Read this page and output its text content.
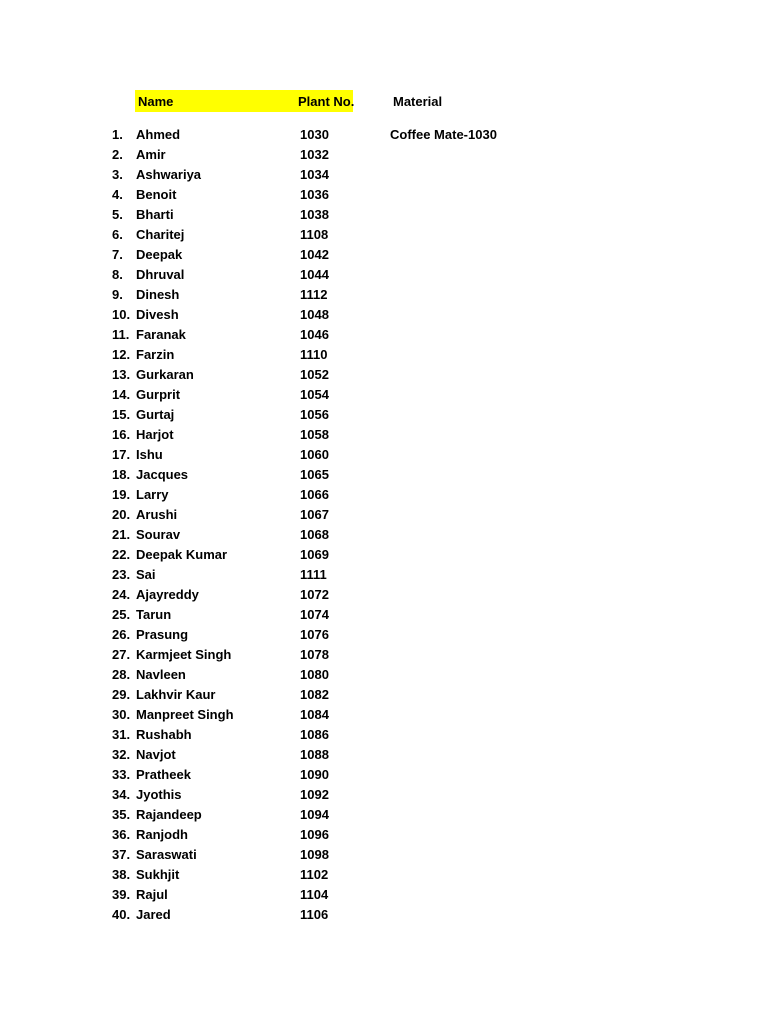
Name	Plant No.	Material
1. Ahmed	1030	Coffee Mate-1030
2. Amir	1032
3. Ashwariya	1034
4. Benoit	1036
5. Bharti	1038
6. Charitej	1108
7. Deepak	1042
8. Dhruval	1044
9. Dinesh	1112
10. Divesh	1048
11. Faranak	1046
12. Farzin	1110
13. Gurkaran	1052
14. Gurprit	1054
15. Gurtaj	1056
16. Harjot	1058
17. Ishu	1060
18. Jacques	1065
19. Larry	1066
20. Arushi	1067
21. Sourav	1068
22. Deepak Kumar	1069
23. Sai	1111
24. Ajayreddy	1072
25. Tarun	1074
26. Prasung	1076
27. Karmjeet Singh	1078
28. Navleen	1080
29. Lakhvir Kaur	1082
30. Manpreet Singh	1084
31. Rushabh	1086
32. Navjot	1088
33. Pratheek	1090
34. Jyothis	1092
35. Rajandeep	1094
36. Ranjodh	1096
37. Saraswati	1098
38. Sukhjit	1102
39. Rajul	1104
40. Jared	1106
